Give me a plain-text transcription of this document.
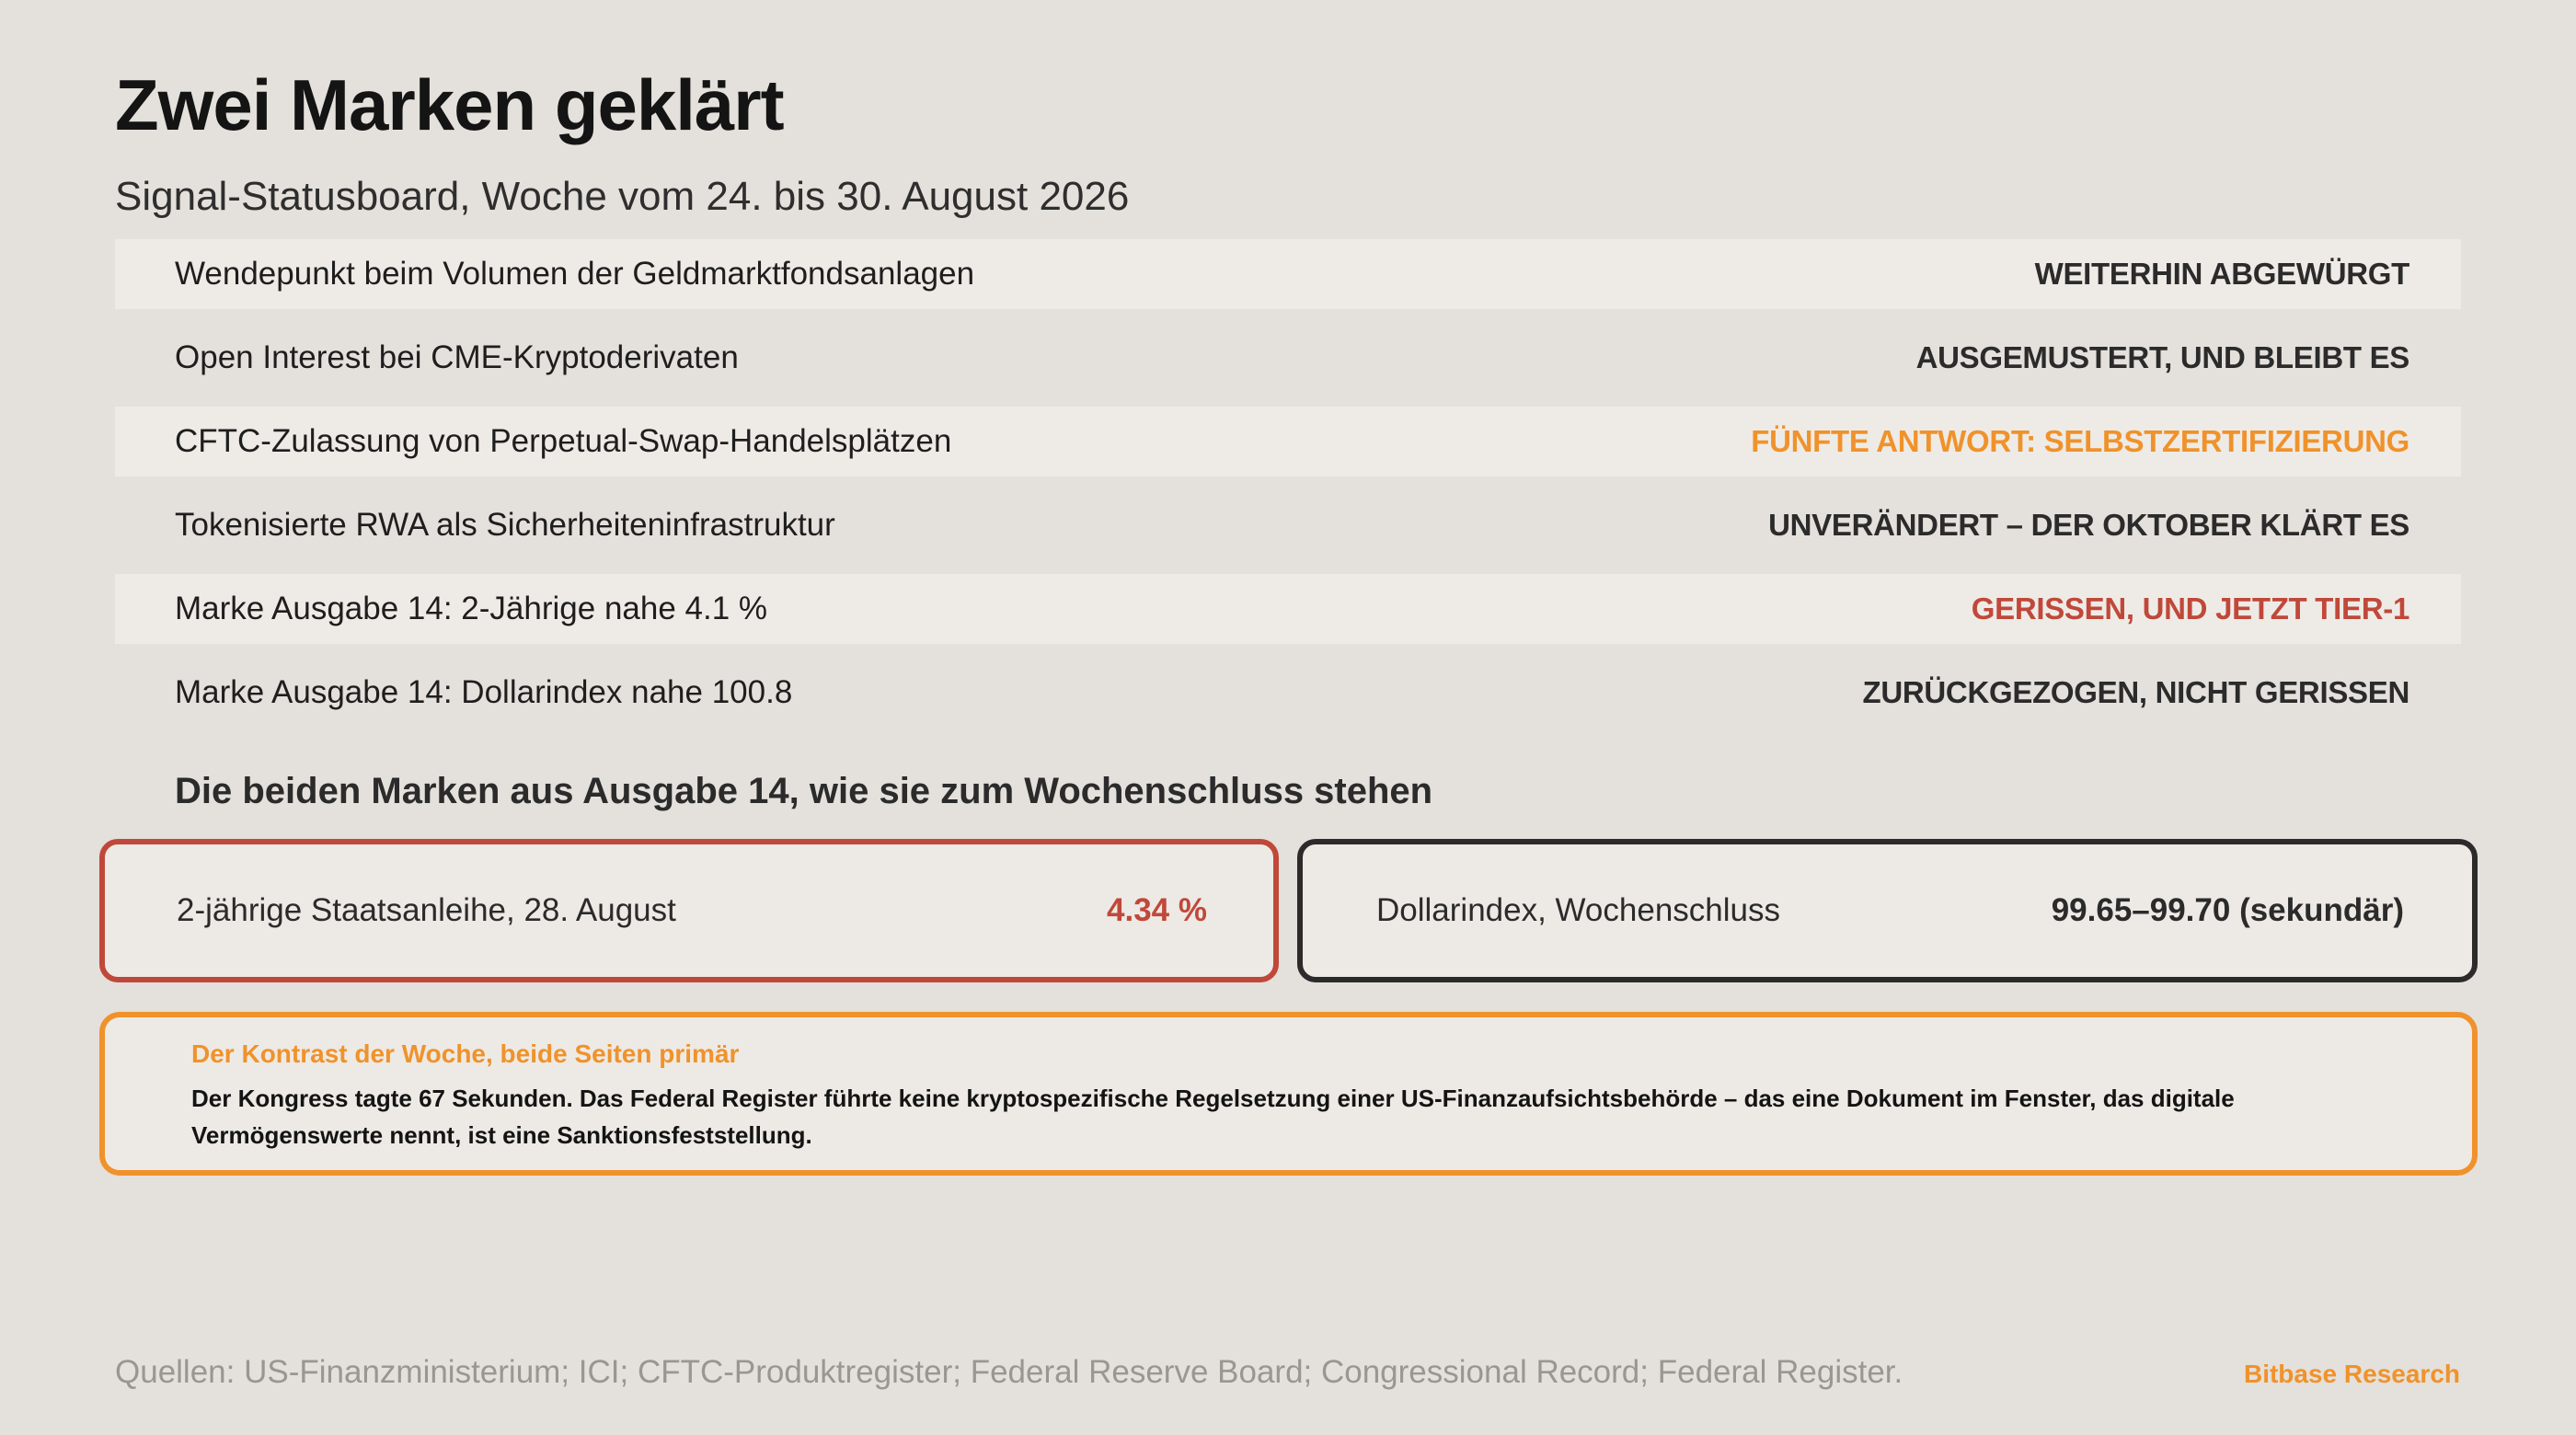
Zwei Marken geklärt
Signal-Statusboard, Woche vom 24. bis 30. August 2026
Wendepunkt beim Volumen der Geldmarktfondsanlagen	WEITERHIN ABGEWÜRGT
Open Interest bei CME-Kryptoderivaten	AUSGEMUSTERT, UND BLEIBT ES
CFTC-Zulassung von Perpetual-Swap-Handelsplätzen	FÜNFTE ANTWORT: SELBSTZERTIFIZIERUNG
Tokenisierte RWA als Sicherheiteninfrastruktur	UNVERÄNDERT – DER OKTOBER KLÄRT ES
Marke Ausgabe 14: 2-Jährige nahe 4.1 %	GERISSEN, UND JETZT TIER-1
Marke Ausgabe 14: Dollarindex nahe 100.8	ZURÜCKGEZOGEN, NICHT GERISSEN
Die beiden Marken aus Ausgabe 14, wie sie zum Wochenschluss stehen
2-jährige Staatsanleihe, 28. August	4.34 %	Dollarindex, Wochenschluss	99.65–99.70 (sekundär)
Der Kontrast der Woche, beide Seiten primär
Der Kongress tagte 67 Sekunden. Das Federal Register führte keine kryptospezifische Regelsetzung einer US-Finanzaufsichtsbehörde – das eine Dokument im Fenster, das digitale Vermögenswerte nennt, ist eine Sanktionsfeststellung.
Quellen: US-Finanzministerium; ICI; CFTC-Produktregister; Federal Reserve Board; Congressional Record; Federal Register.	Bitbase Research
